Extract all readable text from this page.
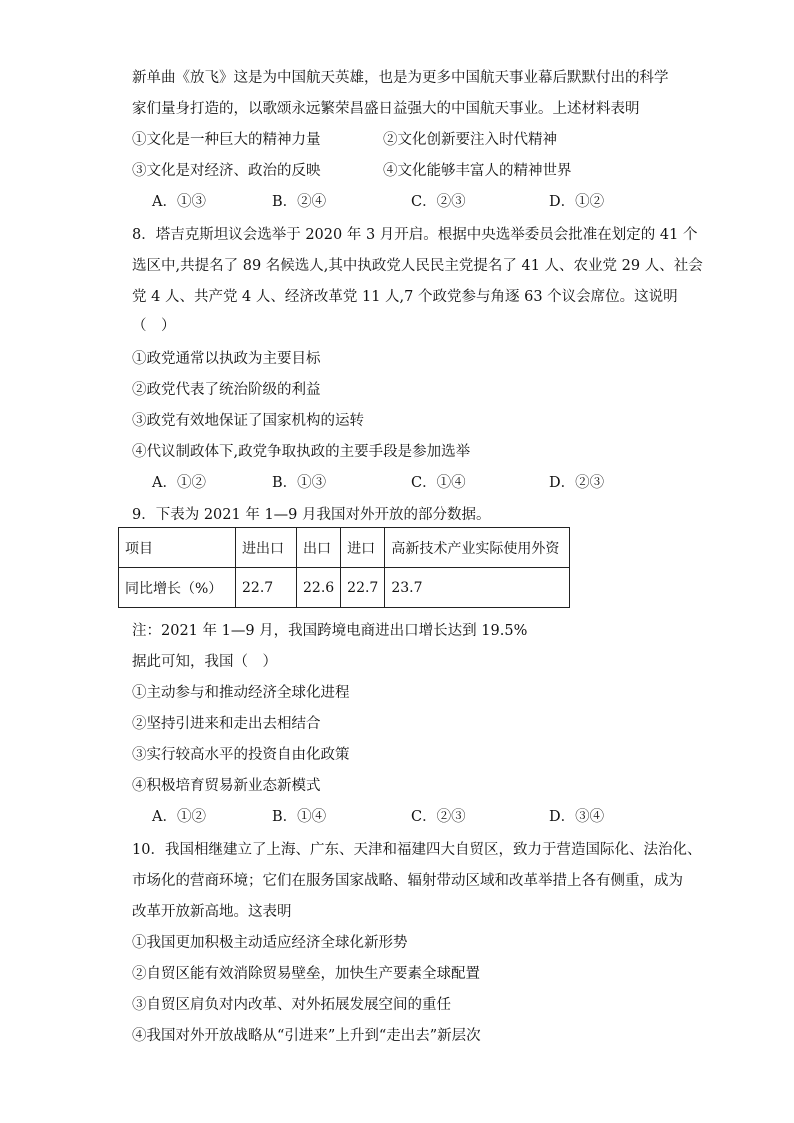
新单曲《放飞》这是为中国航天英雄，也是为更多中国航天事业幕后默默付出的科学
家们量身打造的，以歌颂永远繁荣昌盛日益强大的中国航天事业。上述材料表明
①文化是一种巨大的精神力量	②文化创新要注入时代精神
③文化是对经济、政治的反映	④文化能够丰富人的精神世界
A．①③	B．②④	C．②③	D．①②
8．塔吉克斯坦议会选举于 2020 年 3 月开启。根据中央选举委员会批准在划定的 41 个
选区中,共提名了 89 名候选人,其中执政党人民民主党提名了 41 人、农业党 29 人、社会
党 4 人、共产党 4 人、经济改革党 11 人,7 个政党参与角逐 63 个议会席位。这说明
（　）
①政党通常以执政为主要目标
②政党代表了统治阶级的利益
③政党有效地保证了国家机构的运转
④代议制政体下,政党争取执政的主要手段是参加选举
A．①②	B．①③	C．①④	D．②③
9．下表为 2021 年 1—9 月我国对外开放的部分数据。
项目	进出口	出口	进口	高新技术产业实际使用外资
同比增长（%）	22.7	22.6	22.7	23.7
注：2021 年 1—9 月，我国跨境电商进出口增长达到 19.5%
据此可知，我国（　）
①主动参与和推动经济全球化进程
②坚持引进来和走出去相结合
③实行较高水平的投资自由化政策
④积极培育贸易新业态新模式
A．①②	B．①④	C．②③	D．③④
10．我国相继建立了上海、广东、天津和福建四大自贸区，致力于营造国际化、法治化、
市场化的营商环境；它们在服务国家战略、辐射带动区域和改革举措上各有侧重，成为
改革开放新高地。这表明
①我国更加积极主动适应经济全球化新形势
②自贸区能有效消除贸易壁垒，加快生产要素全球配置
③自贸区肩负对内改革、对外拓展发展空间的重任
④我国对外开放战略从“引进来”上升到“走出去”新层次
